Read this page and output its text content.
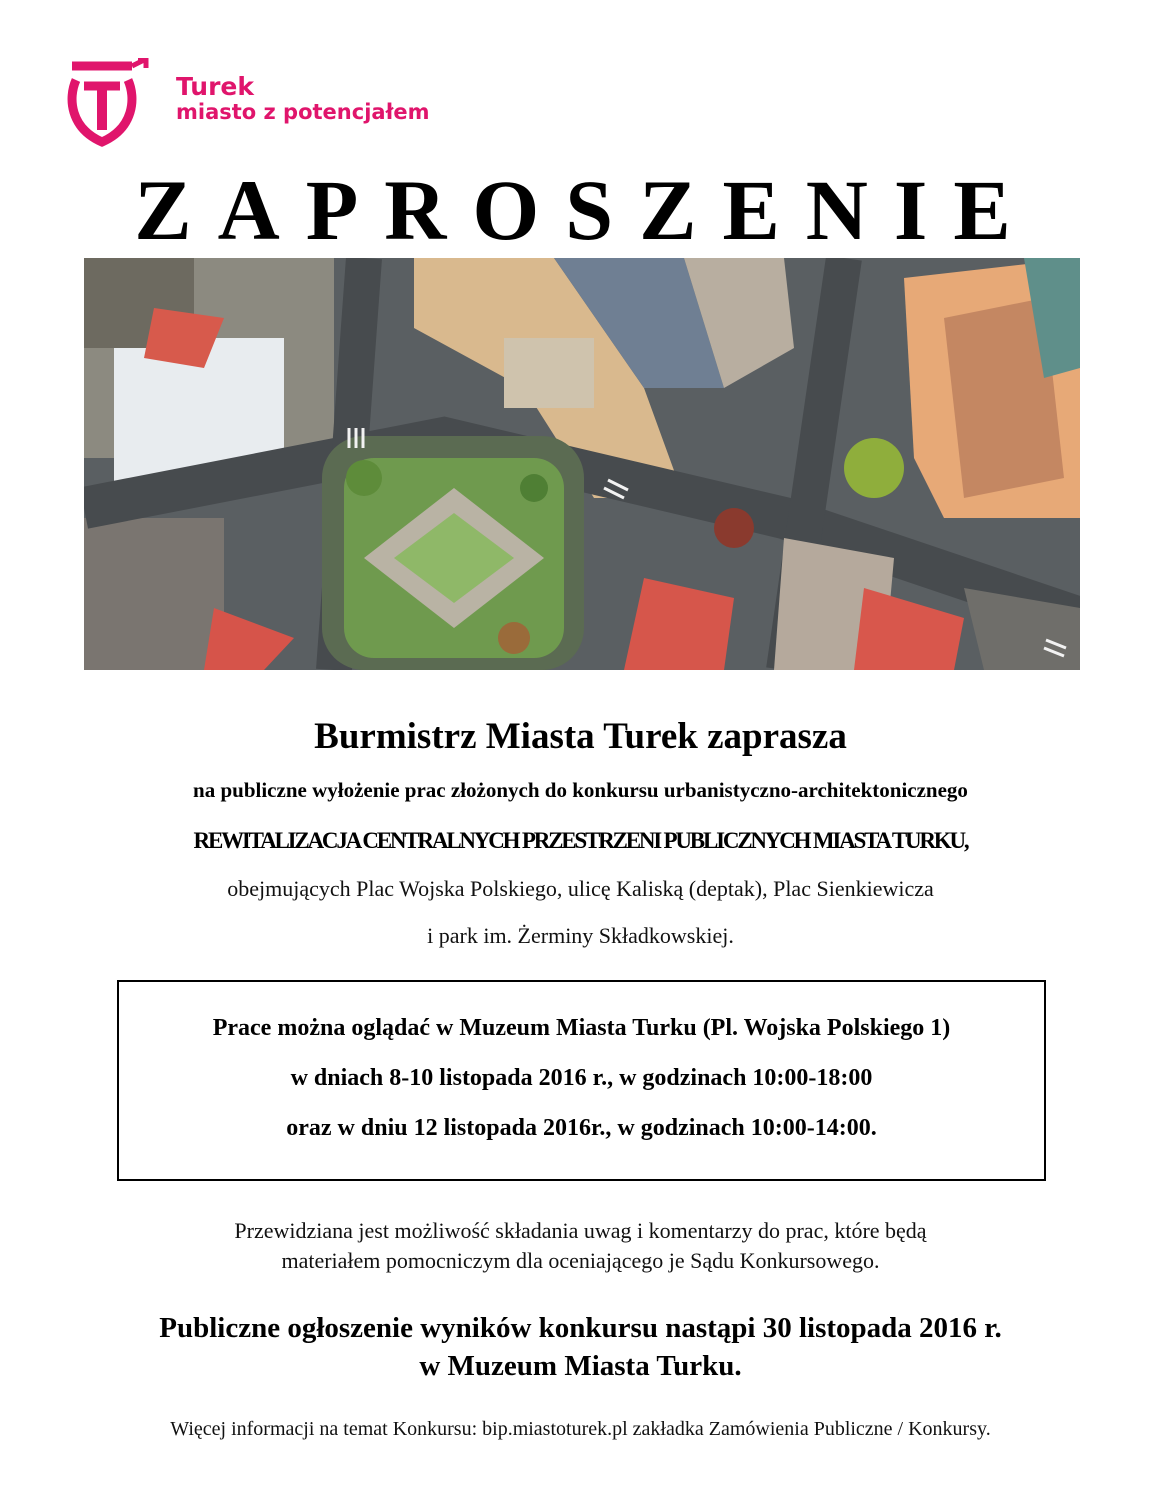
Turek
miasto z potencjałem
ZAPROSZENIE
Burmistrz Miasta Turek zaprasza
na publiczne wyłożenie prac złożonych do konkursu urbanistyczno-architektonicznego
REWITALIZACJA CENTRALNYCH PRZESTRZENI PUBLICZNYCH MIASTA TURKU,
obejmujących Plac Wojska Polskiego, ulicę Kaliską (deptak), Plac Sienkiewicza
i park im. Żerminy Składkowskiej.
Prace można oglądać w Muzeum Miasta Turku (Pl. Wojska Polskiego 1)
w dniach 8-10 listopada 2016 r., w godzinach 10:00-18:00
oraz w dniu 12 listopada 2016r., w godzinach 10:00-14:00.
Przewidziana jest możliwość składania uwag i komentarzy do prac, które będą
materiałem pomocniczym dla oceniającego je Sądu Konkursowego.
Publiczne ogłoszenie wyników konkursu nastąpi 30 listopada 2016 r.
w Muzeum Miasta Turku.
Więcej informacji na temat Konkursu: bip.miastoturek.pl zakładka Zamówienia Publiczne / Konkursy.
